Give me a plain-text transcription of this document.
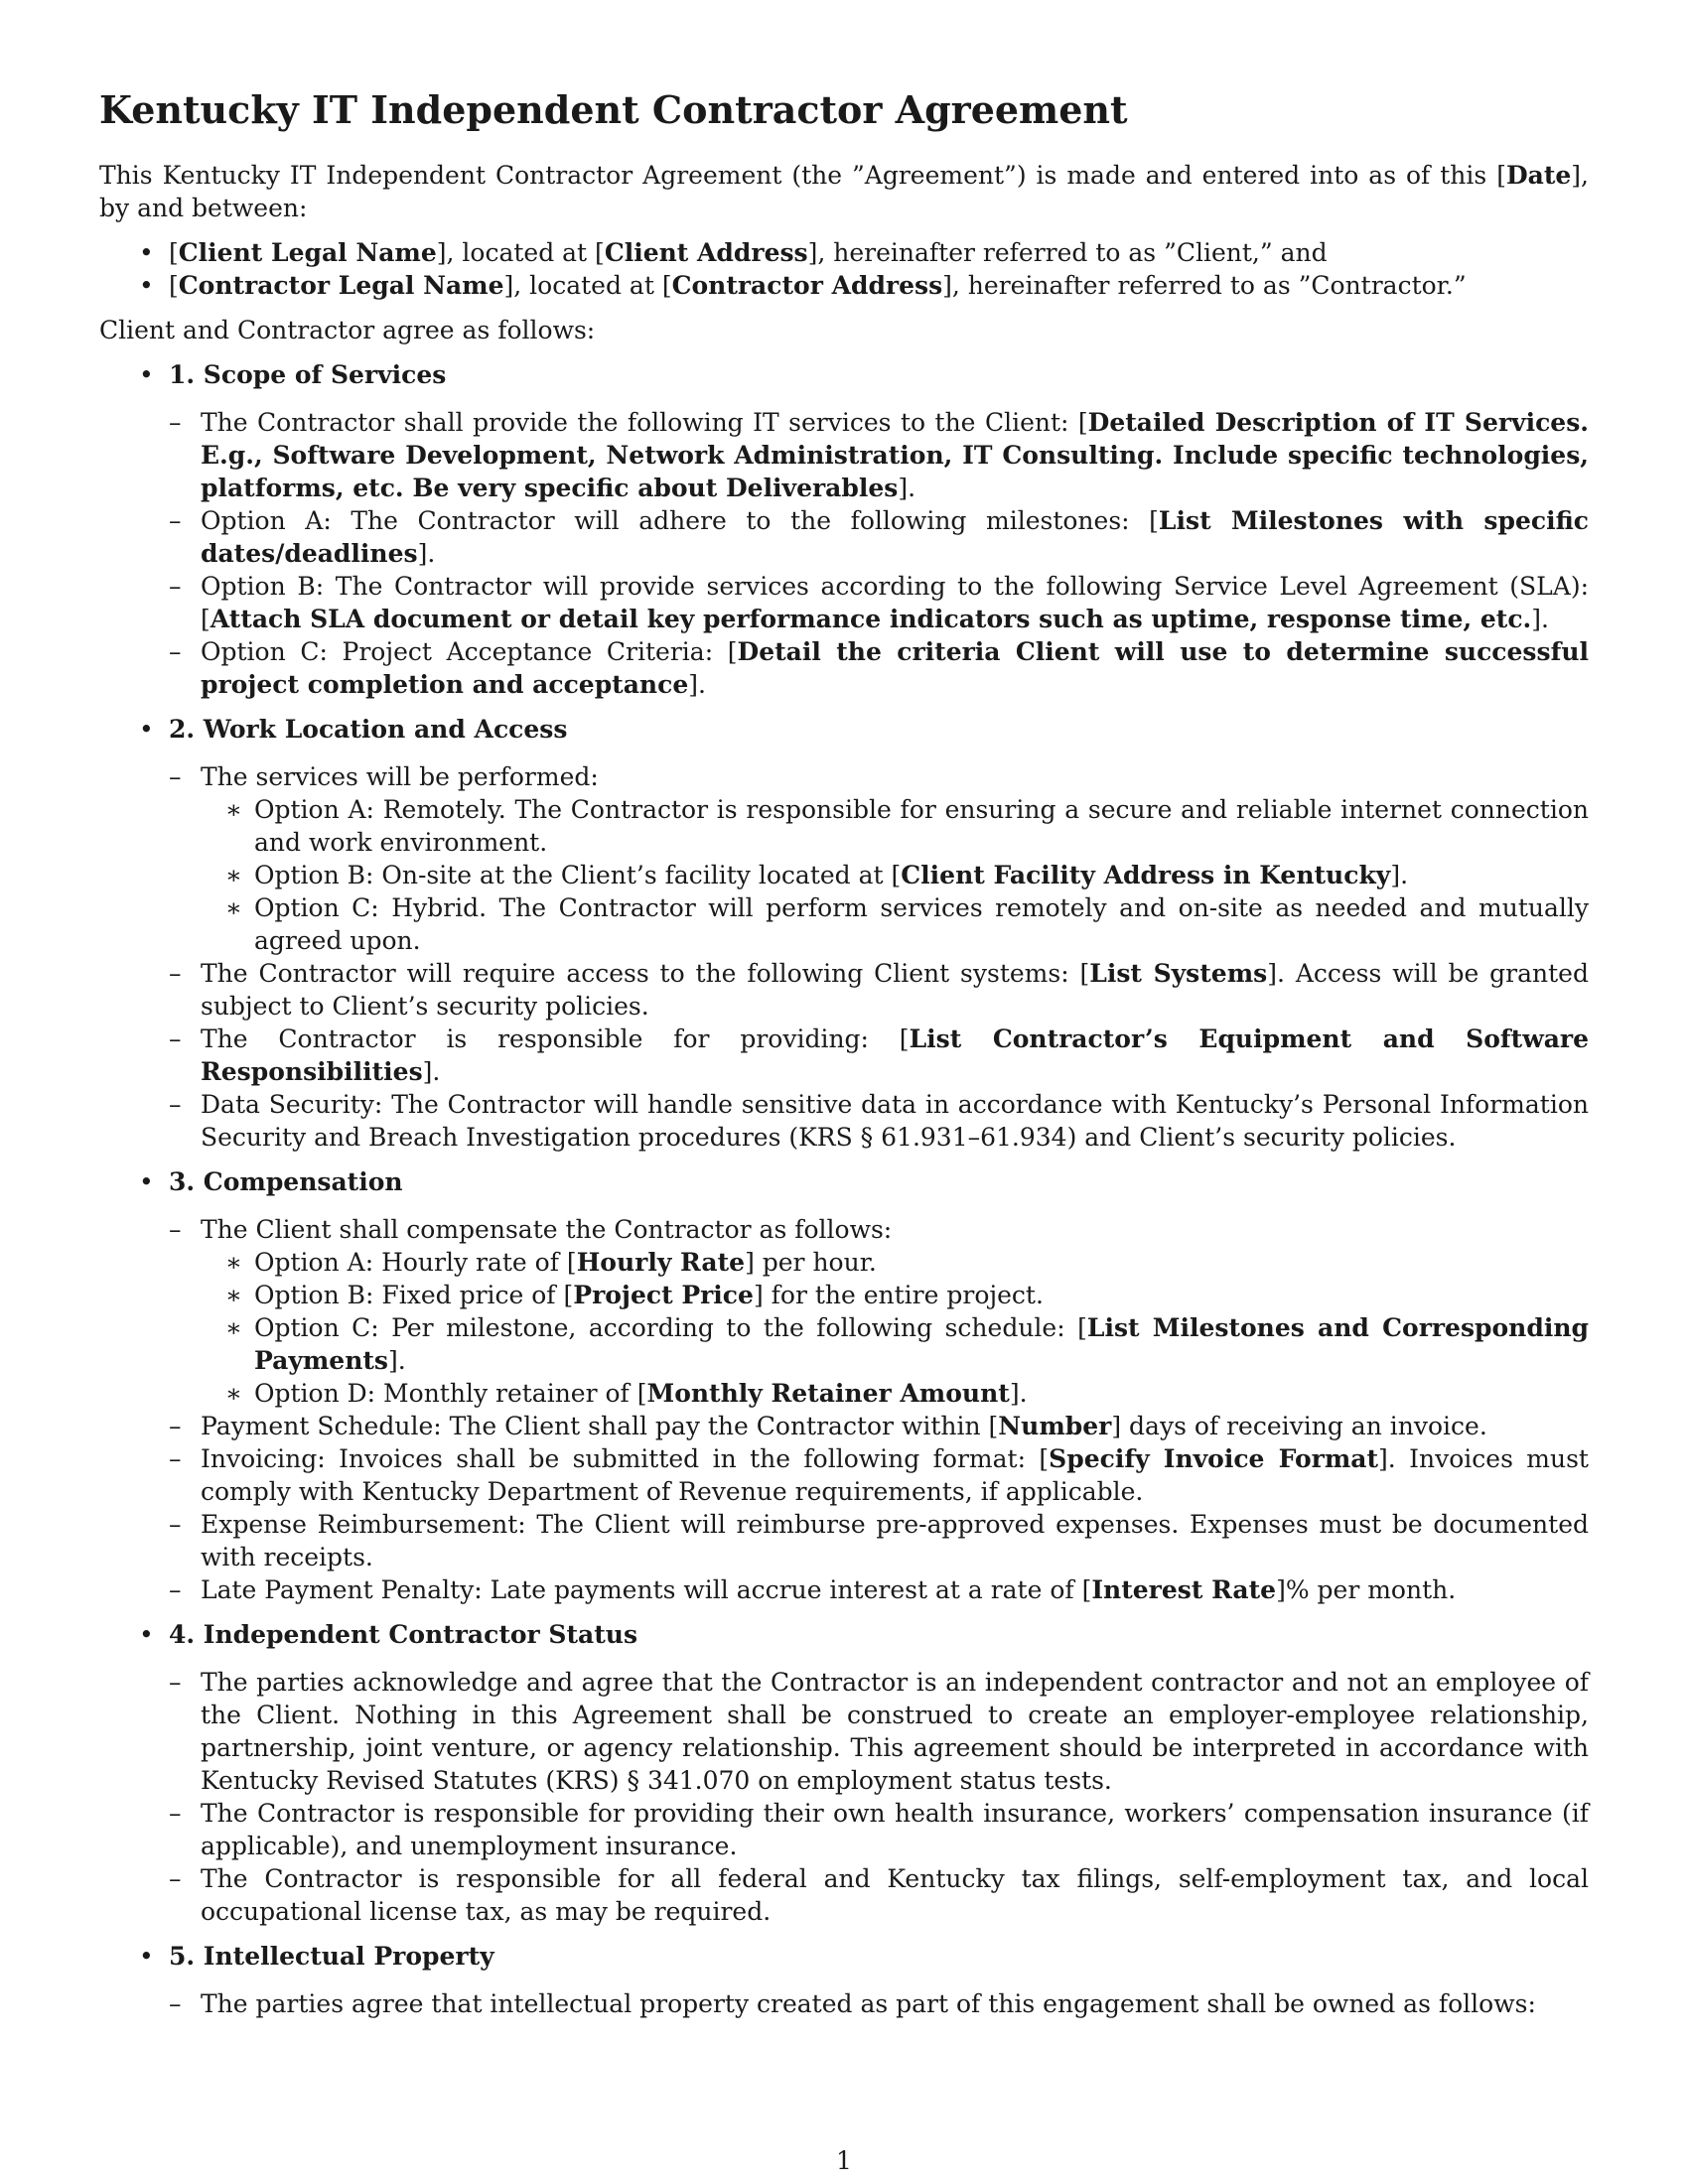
Kentucky IT Independent Contractor Agreement

This Kentucky IT Independent Contractor Agreement (the ”Agreement”) is made and entered into as of this [Date], by and between:

• [Client Legal Name], located at [Client Address], hereinafter referred to as ”Client,” and
• [Contractor Legal Name], located at [Contractor Address], hereinafter referred to as ”Contractor.”

Client and Contractor agree as follows:

• 1. Scope of Services
– The Contractor shall provide the following IT services to the Client: [Detailed Description of IT Services. E.g., Software Development, Network Administration, IT Consulting. Include specific technologies, platforms, etc. Be very specific about Deliverables].
– Option A: The Contractor will adhere to the following milestones: [List Milestones with specific dates/deadlines].
– Option B: The Contractor will provide services according to the following Service Level Agreement (SLA): [Attach SLA document or detail key performance indicators such as uptime, response time, etc.].
– Option C: Project Acceptance Criteria: [Detail the criteria Client will use to determine successful project completion and acceptance].
• 2. Work Location and Access
– The services will be performed:
∗ Option A: Remotely. The Contractor is responsible for ensuring a secure and reliable internet connection and work environment.
∗ Option B: On-site at the Client’s facility located at [Client Facility Address in Kentucky].
∗ Option C: Hybrid. The Contractor will perform services remotely and on-site as needed and mutually agreed upon.
– The Contractor will require access to the following Client systems: [List Systems]. Access will be granted subject to Client’s security policies.
– The Contractor is responsible for providing: [List Contractor’s Equipment and Software Responsibilities].
– Data Security: The Contractor will handle sensitive data in accordance with Kentucky’s Personal Information Security and Breach Investigation procedures (KRS § 61.931–61.934) and Client’s security policies.
• 3. Compensation
– The Client shall compensate the Contractor as follows:
∗ Option A: Hourly rate of [Hourly Rate] per hour.
∗ Option B: Fixed price of [Project Price] for the entire project.
∗ Option C: Per milestone, according to the following schedule: [List Milestones and Corresponding Payments].
∗ Option D: Monthly retainer of [Monthly Retainer Amount].
– Payment Schedule: The Client shall pay the Contractor within [Number] days of receiving an invoice.
– Invoicing: Invoices shall be submitted in the following format: [Specify Invoice Format]. Invoices must comply with Kentucky Department of Revenue requirements, if applicable.
– Expense Reimbursement: The Client will reimburse pre-approved expenses. Expenses must be documented with receipts.
– Late Payment Penalty: Late payments will accrue interest at a rate of [Interest Rate]% per month.
• 4. Independent Contractor Status
– The parties acknowledge and agree that the Contractor is an independent contractor and not an employee of the Client. Nothing in this Agreement shall be construed to create an employer-employee relationship, partnership, joint venture, or agency relationship. This agreement should be interpreted in accordance with Kentucky Revised Statutes (KRS) § 341.070 on employment status tests.
– The Contractor is responsible for providing their own health insurance, workers’ compensation insurance (if applicable), and unemployment insurance.
– The Contractor is responsible for all federal and Kentucky tax filings, self-employment tax, and local occupational license tax, as may be required.
• 5. Intellectual Property
– The parties agree that intellectual property created as part of this engagement shall be owned as follows:
1
